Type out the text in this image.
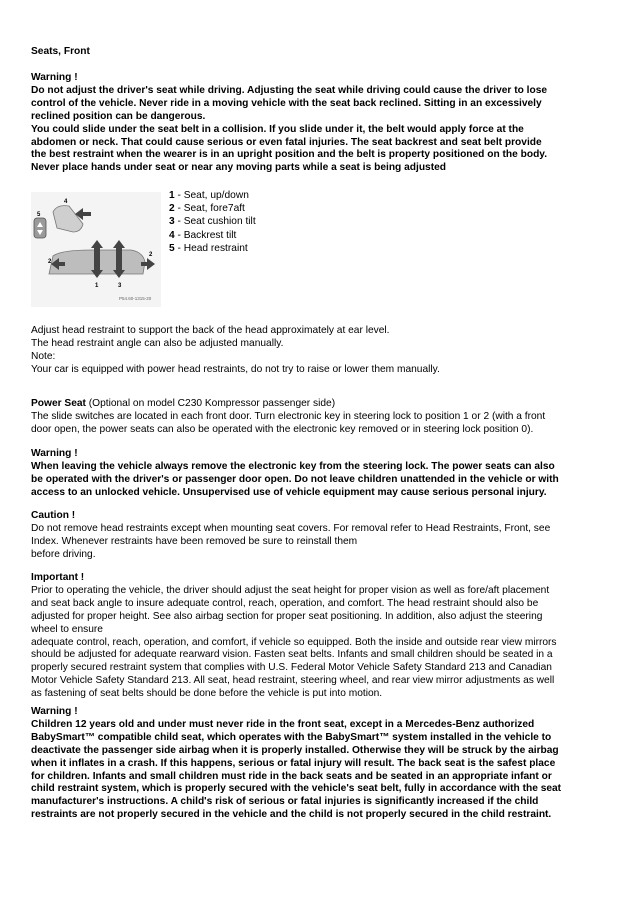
Seats, Front

Warning !

Do not adjust the driver's seat while driving. Adjusting the seat while driving could cause the driver to lose

control of the vehicle. Never ride in a moving vehicle with the seat back reclined. Sitting in an excessively

reclined position can be dangerous.

You could slide under the seat belt in a collision. If you slide under it, the belt would apply force at the

abdomen or neck. That could cause serious or even fatal injuries. The seat backrest and seat belt provide

the best restraint when the wearer is in an upright position and the belt is property positioned on the body.

Never place hands under seat or near any moving parts while a seat is being adjusted

1 - Seat, up/down

2 - Seat, fore7aft

3 - Seat cushion tilt

4 - Backrest tilt

5 - Head restraint

Adjust head restraint to support the back of the head approximately at ear level.

The head restraint angle can also be adjusted manually.

Note:

Your car is equipped with power head restraints, do not try to raise or lower them manually.

Power Seat (Optional on model C230 Kompressor passenger side)

The slide switches are located in each front door. Turn electronic key in steering lock to position 1 or 2 (with a front

door open, the power seats can also be operated with the electronic key removed or in steering lock position 0).

Warning !

When leaving the vehicle always remove the electronic key from the steering lock. The power seats can also

be operated with the driver's or passenger door open. Do not leave children unattended in the vehicle or with

access to an unlocked vehicle. Unsupervised use of vehicle equipment may cause serious personal injury.

Caution !

Do not remove head restraints except when mounting seat covers. For removal refer to Head Restraints, Front, see

Index. Whenever restraints have been removed be sure to reinstall them

before driving.

Important !

Prior to operating the vehicle, the driver should adjust the seat height for proper vision as well as fore/aft placement

and seat back angle to insure adequate control, reach, operation, and comfort. The head restraint should also be

adjusted for proper height. See also airbag section for proper seat positioning. In addition, also adjust the steering

wheel to ensure

adequate control, reach, operation, and comfort, if vehicle so equipped. Both the inside and outside rear view mirrors

should be adjusted for adequate rearward vision. Fasten seat belts. Infants and small children should be seated in a

properly secured restraint system that complies with U.S. Federal Motor Vehicle Safety Standard 213 and Canadian

Motor Vehicle Safety Standard 213. All seat, head restraint, steering wheel, and rear view mirror adjustments as well

as fastening of seat belts should be done before the vehicle is put into motion.

Warning !

Children 12 years old and under must never ride in the front seat, except in a Mercedes-Benz authorized

BabySmart™ compatible child seat, which operates with the BabySmart™ system installed in the vehicle to

deactivate the passenger side airbag when it is properly installed. Otherwise they will be struck by the airbag

when it inflates in a crash. If this happens, serious or fatal injury will result. The back seat is the safest place

for children. Infants and small children must ride in the back seats and be seated in an appropriate infant or

child restraint system, which is properly secured with the vehicle's seat belt, fully in accordance with the seat

manufacturer's instructions. A child's risk of serious or fatal injuries is significantly increased if the child

restraints are not properly secured in the vehicle and the child is not properly secured in the child restraint.

5
4
2
2
1	3
P54.60-1315-20
